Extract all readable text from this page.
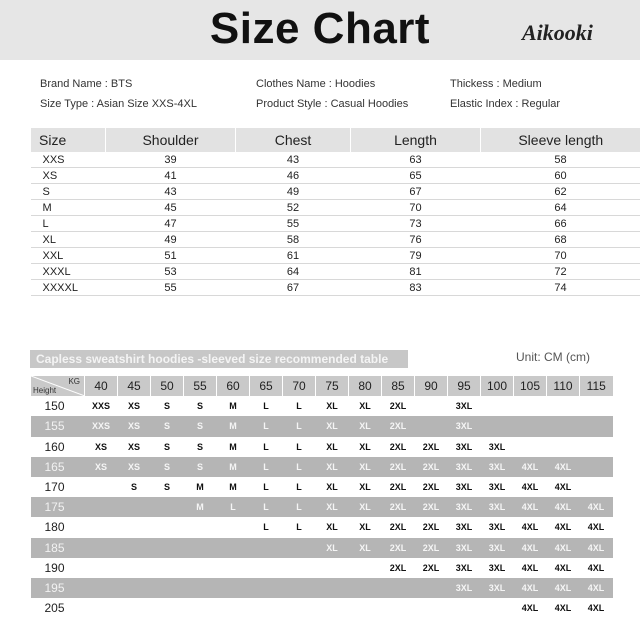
Size Chart	Aikooki
Brand Name : BTS	Clothes Name : Hoodies	Thickess : Medium
Size Type : Asian Size XXS-4XL	Product Style : Casual Hoodies	Elastic Index : Regular
Size	Shoulder	Chest	Length	Sleeve length
XXS	39	43	63	58
XS	41	46	65	60
S	43	49	67	62
M	45	52	70	64
L	47	55	73	66
XL	49	58	76	68
XXL	51	61	79	70
XXXL	53	64	81	72
XXXXL	55	67	83	74
Capless sweatshirt hoodies -sleeved size recommended table	Unit: CM (cm)
KG
Height	40	45	50	55	60	65	70	75	80	85	90	95	100	105	110	115
150	XXS	XS	S	S	M	L	L	XL	XL	2XL		3XL				
155	XXS	XS	S	S	M	L	L	XL	XL	2XL		3XL				
160	XS	XS	S	S	M	L	L	XL	XL	2XL	2XL	3XL	3XL			
165	XS	XS	S	S	M	L	L	XL	XL	2XL	2XL	3XL	3XL	4XL	4XL	
170		S	S	M	M	L	L	XL	XL	2XL	2XL	3XL	3XL	4XL	4XL	
175				M	L	L	L	XL	XL	2XL	2XL	3XL	3XL	4XL	4XL	4XL
180						L	L	XL	XL	2XL	2XL	3XL	3XL	4XL	4XL	4XL
185								XL	XL	2XL	2XL	3XL	3XL	4XL	4XL	4XL
190										2XL	2XL	3XL	3XL	4XL	4XL	4XL
195												3XL	3XL	4XL	4XL	4XL
205														4XL	4XL	4XL
